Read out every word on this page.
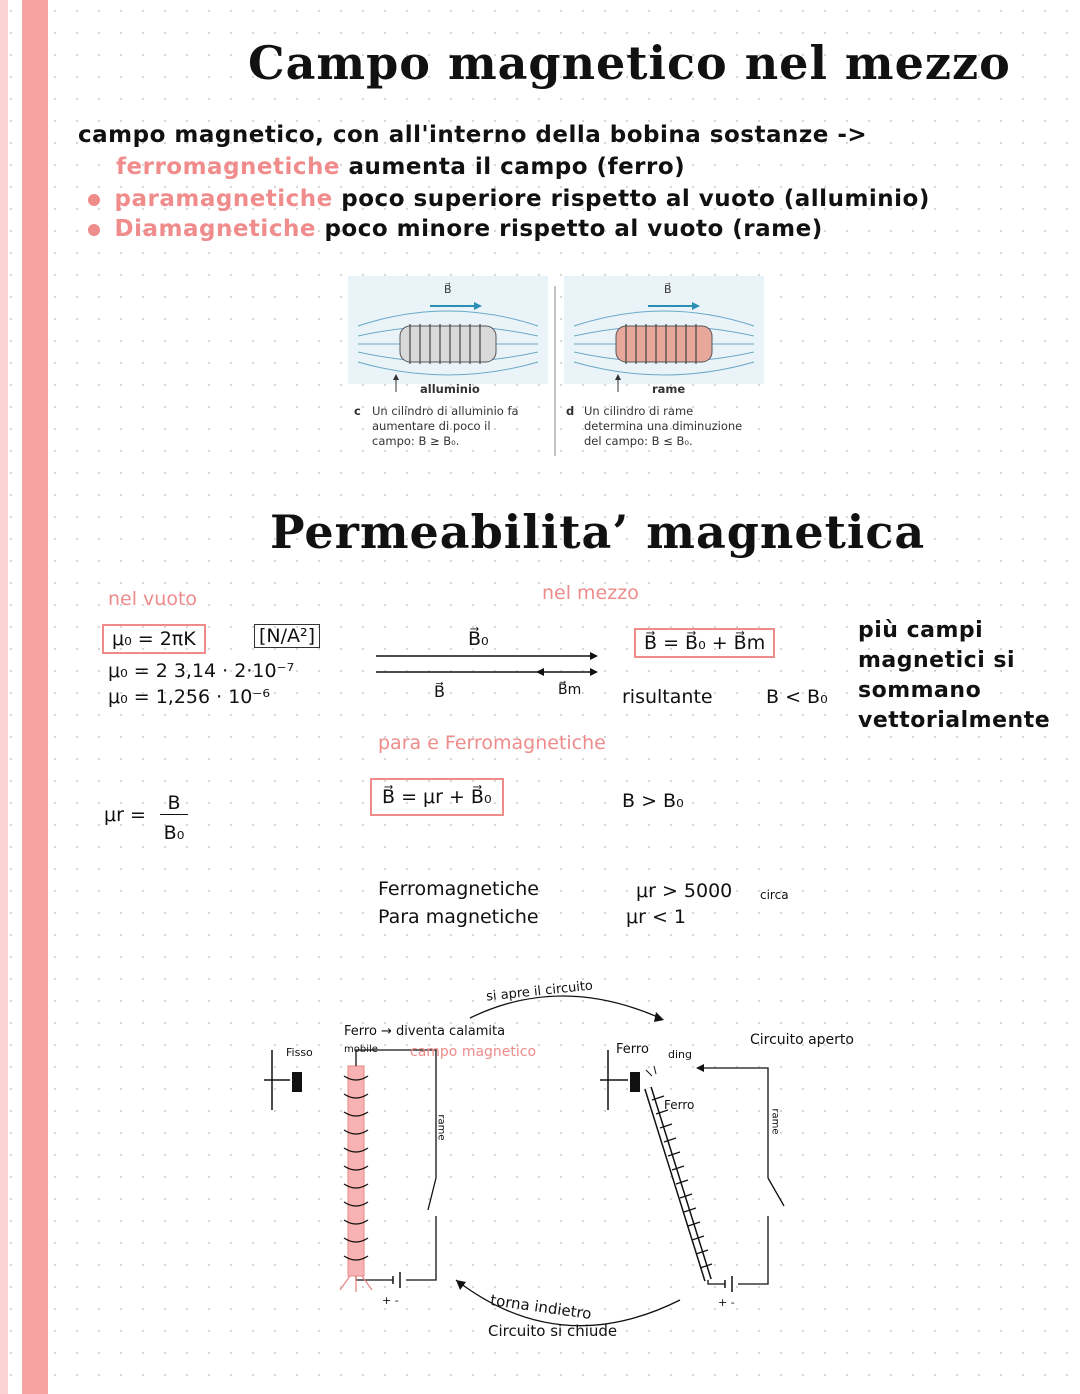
Campo magnetico nel mezzo
campo magnetico, con all'interno della bobina sostanze ->
ferromagnetiche aumenta il campo (ferro)
paramagnetiche poco superiore rispetto al vuoto (alluminio)
Diamagnetiche poco minore rispetto al vuoto (rame)
B⃗	B⃗
alluminio	rame
c Un cilindro di alluminio fa aumentare di poco il campo: B ≥ B₀.
d Un cilindro di rame determina una diminuzione del campo: B ≤ B₀.
Permeabilita’ magnetica
nel vuoto
μ₀ = 2πK	[N/A²]
μ₀ = 2 3,14 · 2·10⁻⁷
μ₀ = 1,256 · 10⁻⁶
μr =
B
B₀
nel mezzo
B⃗₀
B⃗	B⃗m
B⃗ = B⃗₀ + B⃗m
risultante	B < B₀
para e Ferromagnetiche
B⃗ = μr + B⃗₀	B > B₀
Ferromagnetiche
Para magnetiche
μr > 5000 circa
μr < 1
più campi
magnetici si
sommano
vettorialmente
si apre il circuito
Fisso
Ferro → diventa calamita
mobile campo magnetico
rame
Ferro ding
Ferro
Circuito aperto
rame
+ -	+ -
torna indietro
Circuito si chiude
